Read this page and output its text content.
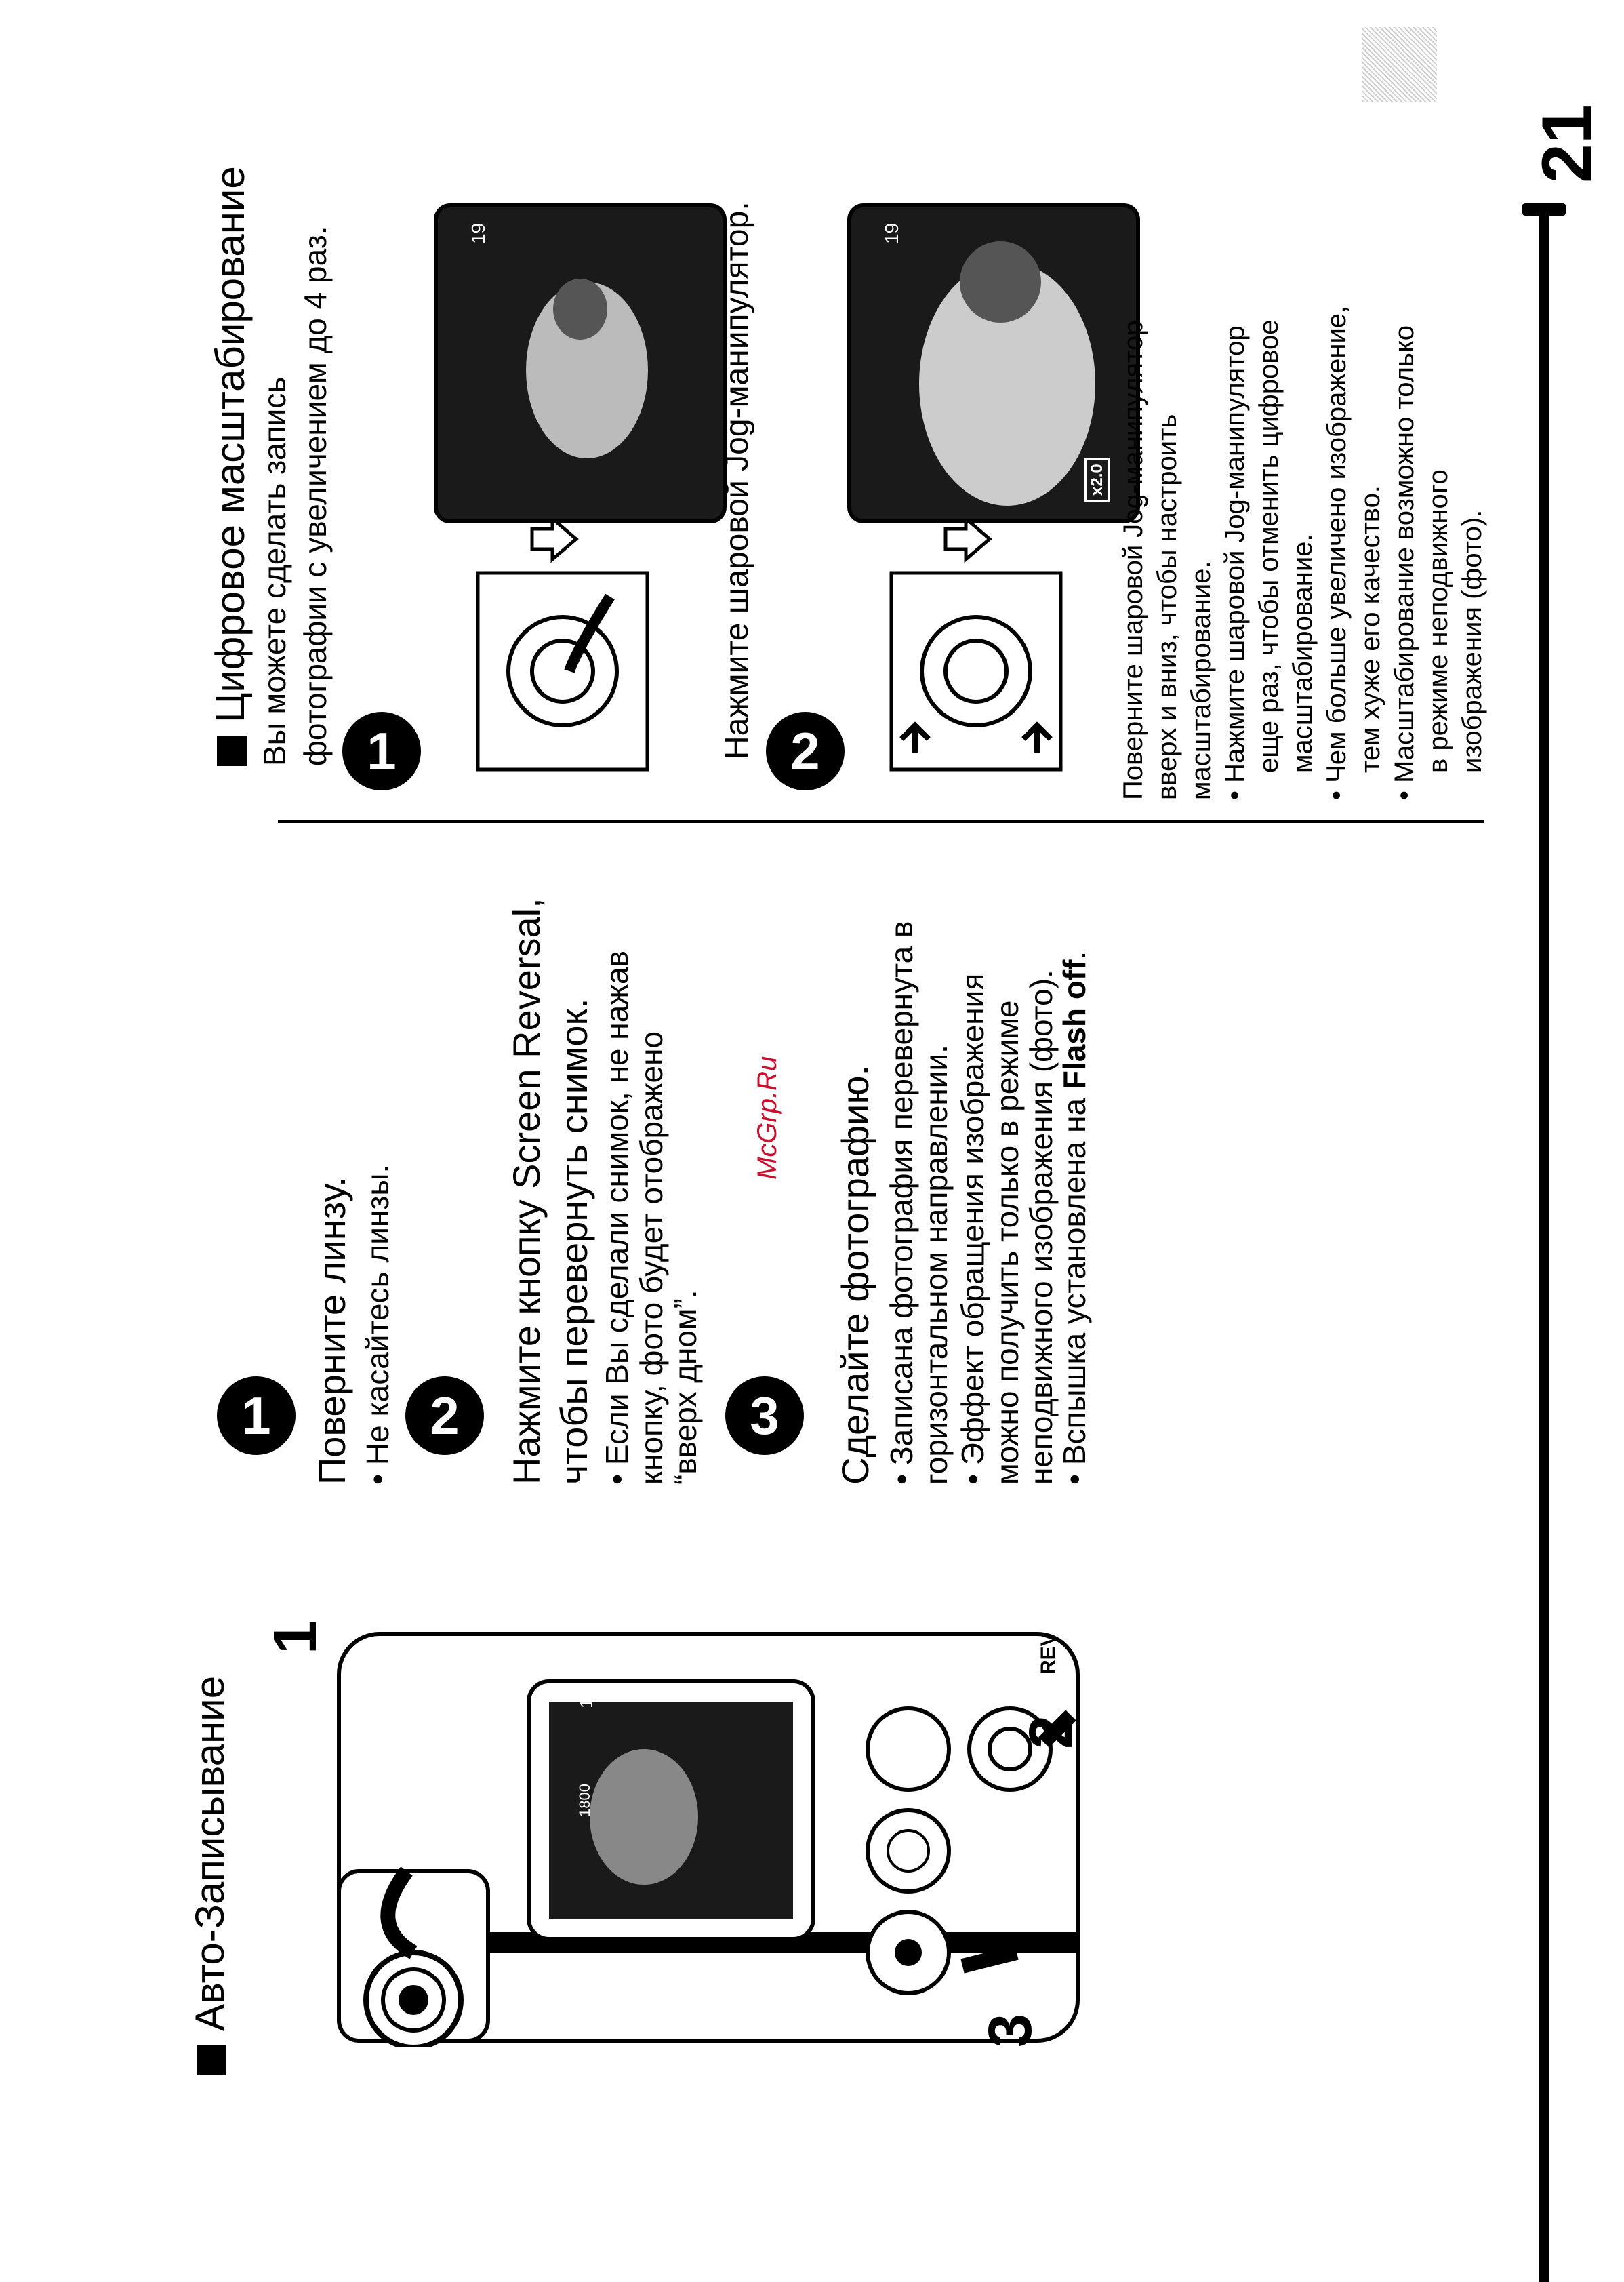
21
Авто-Записывание
1
2
3
REV
1800
19
1	Поверните линзу. • Не касайтесь линзы. 2	Нажмите кнопку Screen Reversal, чтобы перевернуть снимок. • Если Вы сделали снимок, не нажав кнопку, фото будет отображено “вверх дном”. 3	Сделайте фотографию. • Записана фотография перевернута в горизонтальном направлении. • Эффект обращения изображения можно получить только в режиме неподвижного изображения (фото).
• Вспышка установлена на Flash off.
McGrp.Ru
Цифровое масштабирование Вы можете сделать запись фотографии с увеличением до 4 раз. 1
19	Нажмите шаровой Jog-манипулятор. 2
19
x2.0 Поверните шаровой Jog-манипулятор вверх и вниз, чтобы настроить масштабирование. • Нажмите шаровой Jog-манипулятор еще раз, чтобы отменить цифровое масштабирование.
• Чем больше увеличено изображение, тем хуже его качество.
• Масштабирование возможно только в режиме неподвижного изображения (фото).
